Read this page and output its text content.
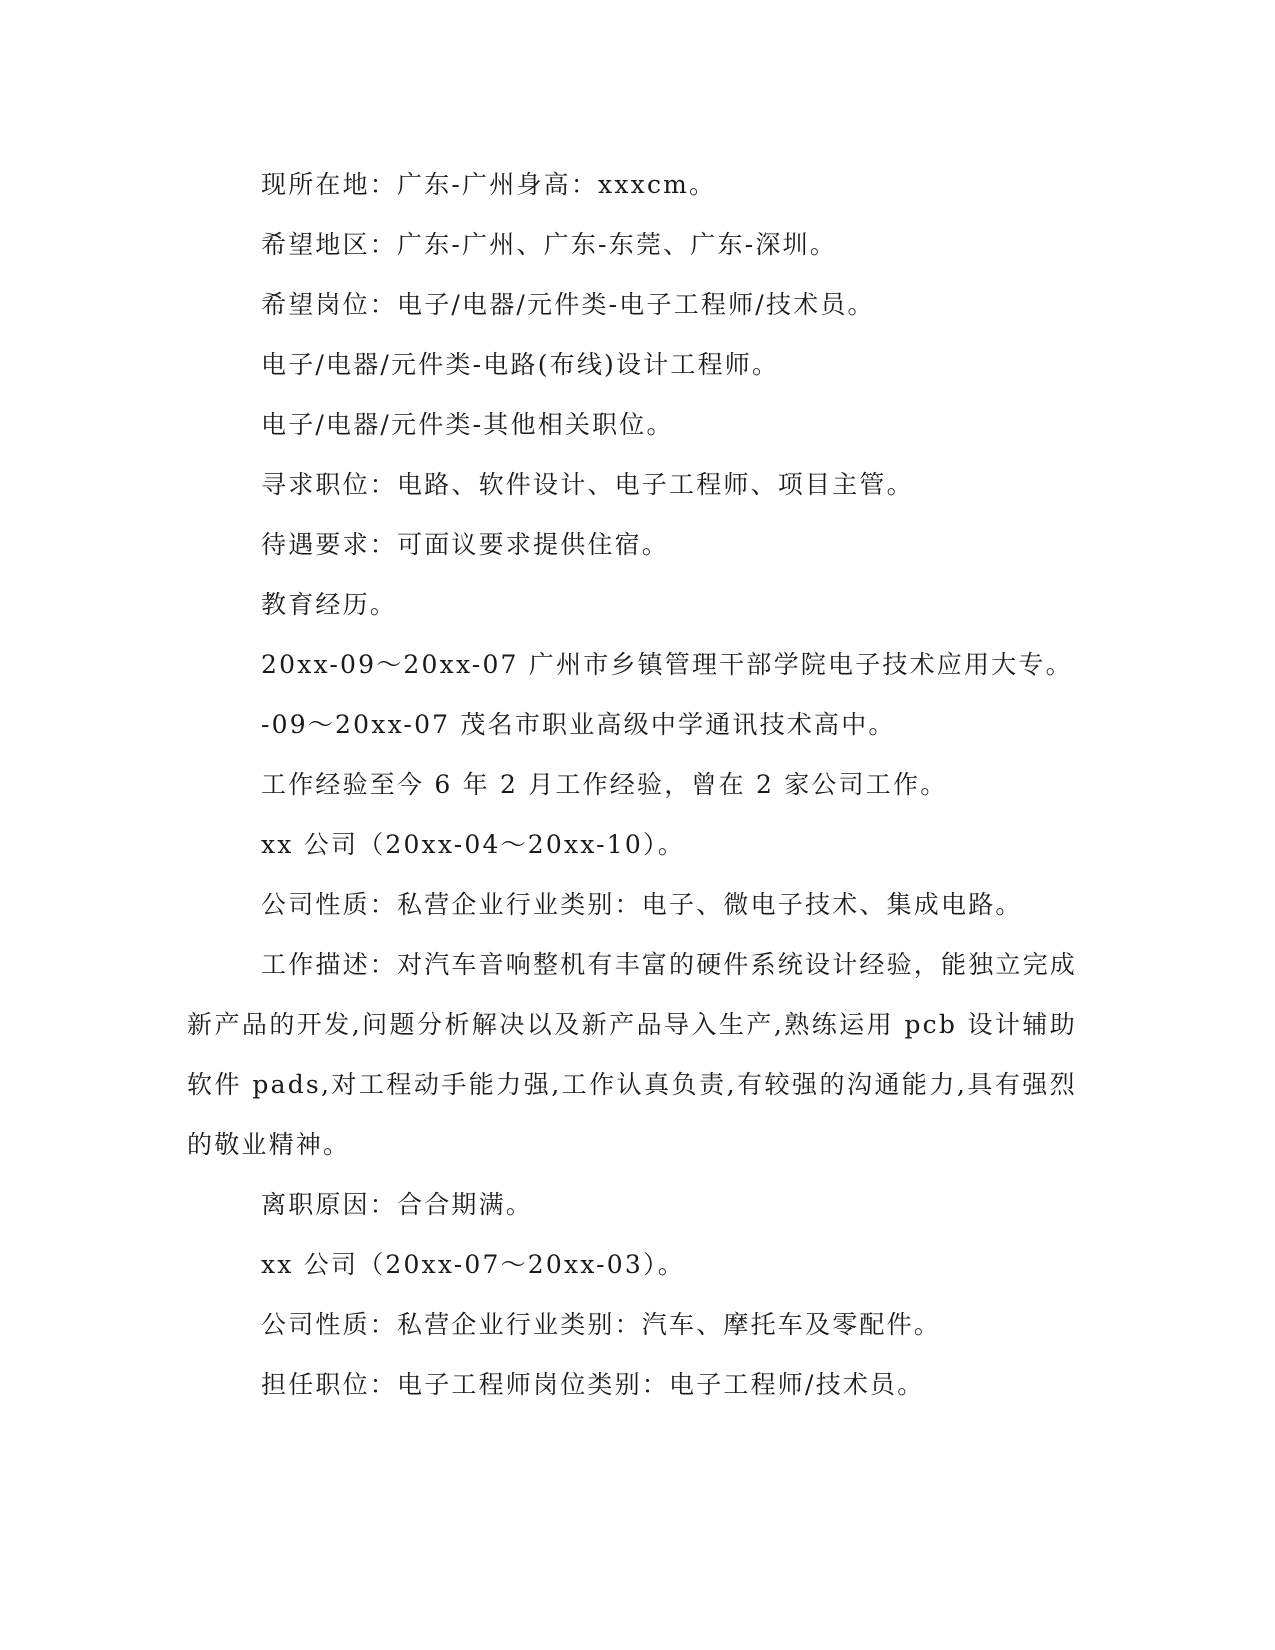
现所在地：广东-广州身高：xxxcm。

希望地区：广东-广州、广东-东莞、广东-深圳。

希望岗位：电子/电器/元件类-电子工程师/技术员。

电子/电器/元件类-电路(布线)设计工程师。

电子/电器/元件类-其他相关职位。

寻求职位：电路、软件设计、电子工程师、项目主管。

待遇要求：可面议要求提供住宿。

教育经历。

20xx-09～20xx-07 广州市乡镇管理干部学院电子技术应用大专。

-09～20xx-07 茂名市职业高级中学通讯技术高中。

工作经验至今 6 年 2 月工作经验，曾在 2 家公司工作。

xx 公司（20xx-04～20xx-10）。

公司性质：私营企业行业类别：电子、微电子技术、集成电路。

工作描述：对汽车音响整机有丰富的硬件系统设计经验，能独立完成新产品的开发,问题分析解决以及新产品导入生产,熟练运用 pcb 设计辅助软件 pads,对工程动手能力强,工作认真负责,有较强的沟通能力,具有强烈的敬业精神。

离职原因：合合期满。

xx 公司（20xx-07～20xx-03）。

公司性质：私营企业行业类别：汽车、摩托车及零配件。

担任职位：电子工程师岗位类别：电子工程师/技术员。
